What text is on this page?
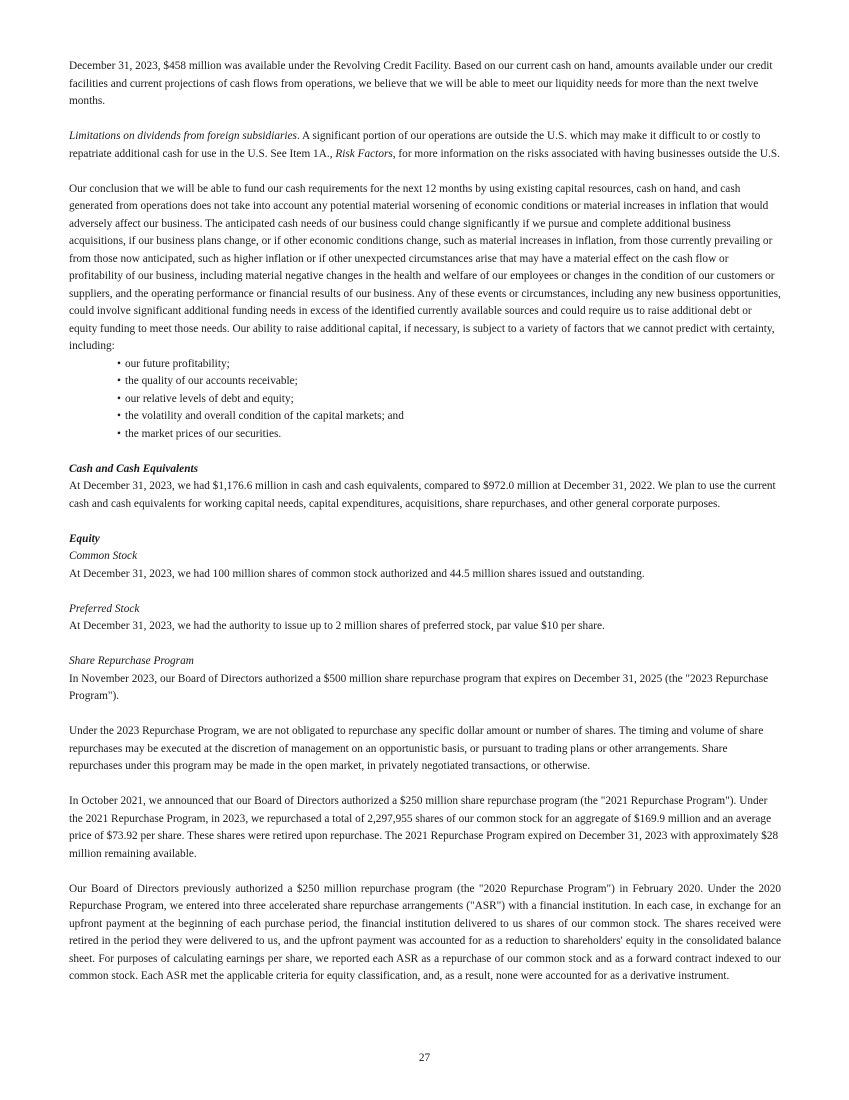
December 31, 2023, $458 million was available under the Revolving Credit Facility. Based on our current cash on hand, amounts available under our credit facilities and current projections of cash flows from operations, we believe that we will be able to meet our liquidity needs for more than the next twelve months.

Limitations on dividends from foreign subsidiaries. A significant portion of our operations are outside the U.S. which may make it difficult to or costly to repatriate additional cash for use in the U.S. See Item 1A., Risk Factors, for more information on the risks associated with having businesses outside the U.S.

Our conclusion that we will be able to fund our cash requirements for the next 12 months by using existing capital resources, cash on hand, and cash generated from operations does not take into account any potential material worsening of economic conditions or material increases in inflation that would adversely affect our business. The anticipated cash needs of our business could change significantly if we pursue and complete additional business acquisitions, if our business plans change, or if other economic conditions change, such as material increases in inflation, from those currently prevailing or from those now anticipated, such as higher inflation or if other unexpected circumstances arise that may have a material effect on the cash flow or profitability of our business, including material negative changes in the health and welfare of our employees or changes in the condition of our customers or suppliers, and the operating performance or financial results of our business. Any of these events or circumstances, including any new business opportunities, could involve significant additional funding needs in excess of the identified currently available sources and could require us to raise additional debt or equity funding to meet those needs. Our ability to raise additional capital, if necessary, is subject to a variety of factors that we cannot predict with certainty, including:

• our future profitability;
• the quality of our accounts receivable;
• our relative levels of debt and equity;
• the volatility and overall condition of the capital markets; and
• the market prices of our securities.

Cash and Cash Equivalents

At December 31, 2023, we had $1,176.6 million in cash and cash equivalents, compared to $972.0 million at December 31, 2022. We plan to use the current cash and cash equivalents for working capital needs, capital expenditures, acquisitions, share repurchases, and other general corporate purposes.

Equity

Common Stock

At December 31, 2023, we had 100 million shares of common stock authorized and 44.5 million shares issued and outstanding.

Preferred Stock

At December 31, 2023, we had the authority to issue up to 2 million shares of preferred stock, par value $10 per share.

Share Repurchase Program

In November 2023, our Board of Directors authorized a $500 million share repurchase program that expires on December 31, 2025 (the "2023 Repurchase Program").

Under the 2023 Repurchase Program, we are not obligated to repurchase any specific dollar amount or number of shares. The timing and volume of share repurchases may be executed at the discretion of management on an opportunistic basis, or pursuant to trading plans or other arrangements. Share repurchases under this program may be made in the open market, in privately negotiated transactions, or otherwise.

In October 2021, we announced that our Board of Directors authorized a $250 million share repurchase program (the "2021 Repurchase Program"). Under the 2021 Repurchase Program, in 2023, we repurchased a total of 2,297,955 shares of our common stock for an aggregate of $169.9 million and an average price of $73.92 per share. These shares were retired upon repurchase. The 2021 Repurchase Program expired on December 31, 2023 with approximately $28 million remaining available.

Our Board of Directors previously authorized a $250 million repurchase program (the "2020 Repurchase Program") in February 2020. Under the 2020 Repurchase Program, we entered into three accelerated share repurchase arrangements ("ASR") with a financial institution. In each case, in exchange for an upfront payment at the beginning of each purchase period, the financial institution delivered to us shares of our common stock. The shares received were retired in the period they were delivered to us, and the upfront payment was accounted for as a reduction to shareholders' equity in the consolidated balance sheet. For purposes of calculating earnings per share, we reported each ASR as a repurchase of our common stock and as a forward contract indexed to our common stock. Each ASR met the applicable criteria for equity classification, and, as a result, none were accounted for as a derivative instrument.

27
